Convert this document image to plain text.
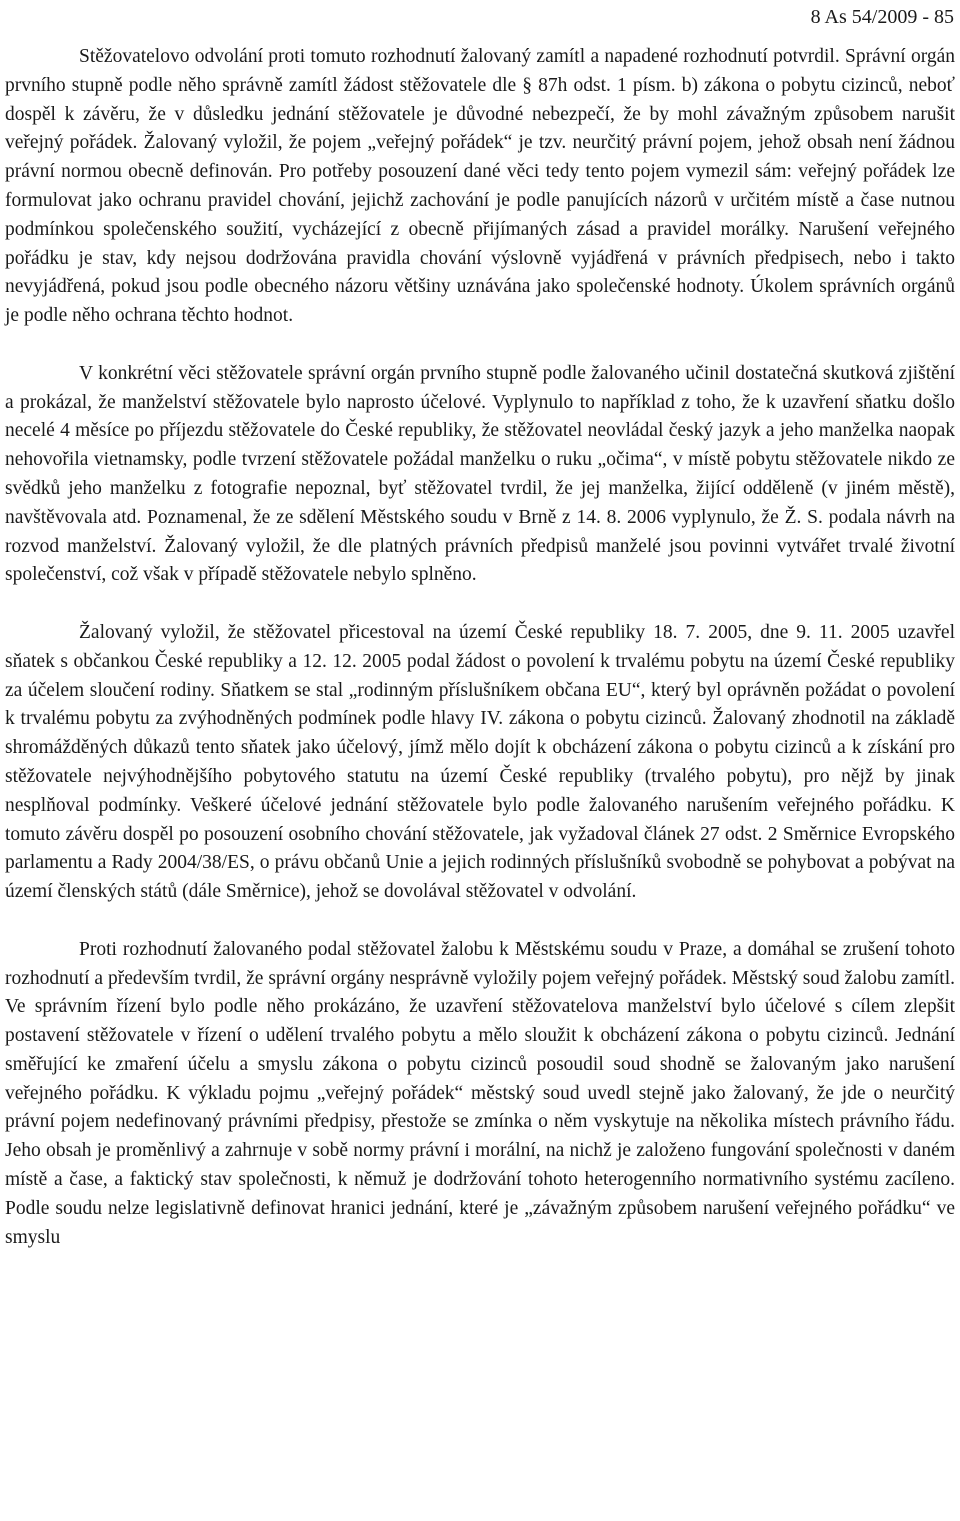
8 As 54/2009 - 85

Stěžovatelovo odvolání proti tomuto rozhodnutí žalovaný zamítl a napadené rozhodnutí potvrdil. Správní orgán prvního stupně podle něho správně zamítl žádost stěžovatele dle § 87h odst. 1 písm. b) zákona o pobytu cizinců, neboť dospěl k závěru, že v důsledku jednání stěžovatele je důvodné nebezpečí, že by mohl závažným způsobem narušit veřejný pořádek. Žalovaný vyložil, že pojem „veřejný pořádek“ je tzv. neurčitý právní pojem, jehož obsah není žádnou právní normou obecně definován. Pro potřeby posouzení dané věci tedy tento pojem vymezil sám: veřejný pořádek lze formulovat jako ochranu pravidel chování, jejichž zachování je podle panujících názorů v určitém místě a čase nutnou podmínkou společenského soužití, vycházející z obecně přijímaných zásad a pravidel morálky. Narušení veřejného pořádku je stav, kdy nejsou dodržována pravidla chování výslovně vyjádřená v právních předpisech, nebo i takto nevyjádřená, pokud jsou podle obecného názoru většiny uznávána jako společenské hodnoty. Úkolem správních orgánů je podle něho ochrana těchto hodnot.

V konkrétní věci stěžovatele správní orgán prvního stupně podle žalovaného učinil dostatečná skutková zjištění a prokázal, že manželství stěžovatele bylo naprosto účelové. Vyplynulo to například z toho, že k uzavření sňatku došlo necelé 4 měsíce po příjezdu stěžovatele do České republiky, že stěžovatel neovládal český jazyk a jeho manželka naopak nehovořila vietnamsky, podle tvrzení stěžovatele požádal manželku o ruku „očima“, v místě pobytu stěžovatele nikdo ze svědků jeho manželku z fotografie nepoznal, byť stěžovatel tvrdil, že jej manželka, žijící odděleně (v jiném městě), navštěvovala atd. Poznamenal, že ze sdělení Městského soudu v Brně z 14. 8. 2006 vyplynulo, že Ž. S. podala návrh na rozvod manželství. Žalovaný vyložil, že dle platných právních předpisů manželé jsou povinni vytvářet trvalé životní společenství, což však v případě stěžovatele nebylo splněno.

Žalovaný vyložil, že stěžovatel přicestoval na území České republiky 18. 7. 2005, dne 9. 11. 2005 uzavřel sňatek s občankou České republiky a 12. 12. 2005 podal žádost o povolení k trvalému pobytu na území České republiky za účelem sloučení rodiny. Sňatkem se stal „rodinným příslušníkem občana EU“, který byl oprávněn požádat o povolení k trvalému pobytu za zvýhodněných podmínek podle hlavy IV. zákona o pobytu cizinců. Žalovaný zhodnotil na základě shromážděných důkazů tento sňatek jako účelový, jímž mělo dojít k obcházení zákona o pobytu cizinců a k získání pro stěžovatele nejvýhodnějšího pobytového statutu na území České republiky (trvalého pobytu), pro nějž by jinak nesplňoval podmínky. Veškeré účelové jednání stěžovatele bylo podle žalovaného narušením veřejného pořádku. K tomuto závěru dospěl po posouzení osobního chování stěžovatele, jak vyžadoval článek 27 odst. 2 Směrnice Evropského parlamentu a Rady 2004/38/ES, o právu občanů Unie a jejich rodinných příslušníků svobodně se pohybovat a pobývat na území členských států (dále Směrnice), jehož se dovolával stěžovatel v odvolání.

Proti rozhodnutí žalovaného podal stěžovatel žalobu k Městskému soudu v Praze, a domáhal se zrušení tohoto rozhodnutí a především tvrdil, že správní orgány nesprávně vyložily pojem veřejný pořádek. Městský soud žalobu zamítl. Ve správním řízení bylo podle něho prokázáno, že uzavření stěžovatelova manželství bylo účelové s cílem zlepšit postavení stěžovatele v řízení o udělení trvalého pobytu a mělo sloužit k obcházení zákona o pobytu cizinců. Jednání směřující ke zmaření účelu a smyslu zákona o pobytu cizinců posoudil soud shodně se žalovaným jako narušení veřejného pořádku. K výkladu pojmu „veřejný pořádek“ městský soud uvedl stejně jako žalovaný, že jde o neurčitý právní pojem nedefinovaný právními předpisy, přestože se zmínka o něm vyskytuje na několika místech právního řádu. Jeho obsah je proměnlivý a zahrnuje v sobě normy právní i morální, na nichž je založeno fungování společnosti v daném místě a čase, a faktický stav společnosti, k němuž je dodržování tohoto heterogenního normativního systému zacíleno. Podle soudu nelze legislativně definovat hranici jednání, které je „závažným způsobem narušení veřejného pořádku“ ve smyslu
